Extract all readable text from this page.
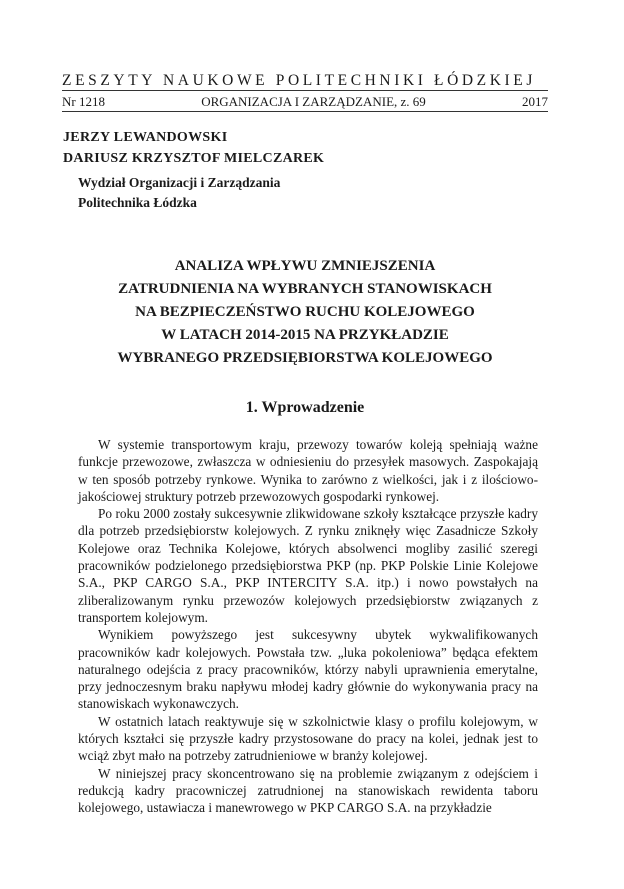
ZESZYTY NAUKOWE POLITECHNIKI ŁÓDZKIEJ
Nr 1218	ORGANIZACJA I ZARZĄDZANIE, z. 69	2017
JERZY LEWANDOWSKI
DARIUSZ KRZYSZTOF MIELCZAREK
Wydział Organizacji i Zarządzania
Politechnika Łódzka
ANALIZA WPŁYWU ZMNIEJSZENIA
ZATRUDNIENIA NA WYBRANYCH STANOWISKACH
NA BEZPIECZEŃSTWO RUCHU KOLEJOWEGO
W LATACH 2014-2015 NA PRZYKŁADZIE
WYBRANEGO PRZEDSIĘBIORSTWA KOLEJOWEGO
1. Wprowadzenie

W systemie transportowym kraju, przewozy towarów koleją spełniają ważne funkcje przewozowe, zwłaszcza w odniesieniu do przesyłek masowych. Zaspokajają w ten sposób potrzeby rynkowe. Wynika to zarówno z wielkości, jak i z ilościowo-jakościowej struktury potrzeb przewozowych gospodarki rynkowej.

Po roku 2000 zostały sukcesywnie zlikwidowane szkoły kształcące przyszłe kadry dla potrzeb przedsiębiorstw kolejowych. Z rynku zniknęły więc Zasadnicze Szkoły Kolejowe oraz Technika Kolejowe, których absolwenci mogliby zasilić szeregi pracowników podzielonego przedsiębiorstwa PKP (np. PKP Polskie Linie Kolejowe S.A., PKP CARGO S.A., PKP INTERCITY S.A. itp.) i nowo powstałych na zliberalizowanym rynku przewozów kolejowych przedsiębiorstw związanych z transportem kolejowym.

Wynikiem powyższego jest sukcesywny ubytek wykwalifikowanych pracowników kadr kolejowych. Powstała tzw. „luka pokoleniowa” będąca efektem naturalnego odejścia z pracy pracowników, którzy nabyli uprawnienia emerytalne, przy jednoczesnym braku napływu młodej kadry głównie do wykonywania pracy na stanowiskach wykonawczych.

W ostatnich latach reaktywuje się w szkolnictwie klasy o profilu kolejowym, w których kształci się przyszłe kadry przystosowane do pracy na kolei, jednak jest to wciąż zbyt mało na potrzeby zatrudnieniowe w branży kolejowej.

W niniejszej pracy skoncentrowano się na problemie związanym z odejściem i redukcją kadry pracowniczej zatrudnionej na stanowiskach rewidenta taboru kolejowego, ustawiacza i manewrowego w PKP CARGO S.A. na przykładzie
